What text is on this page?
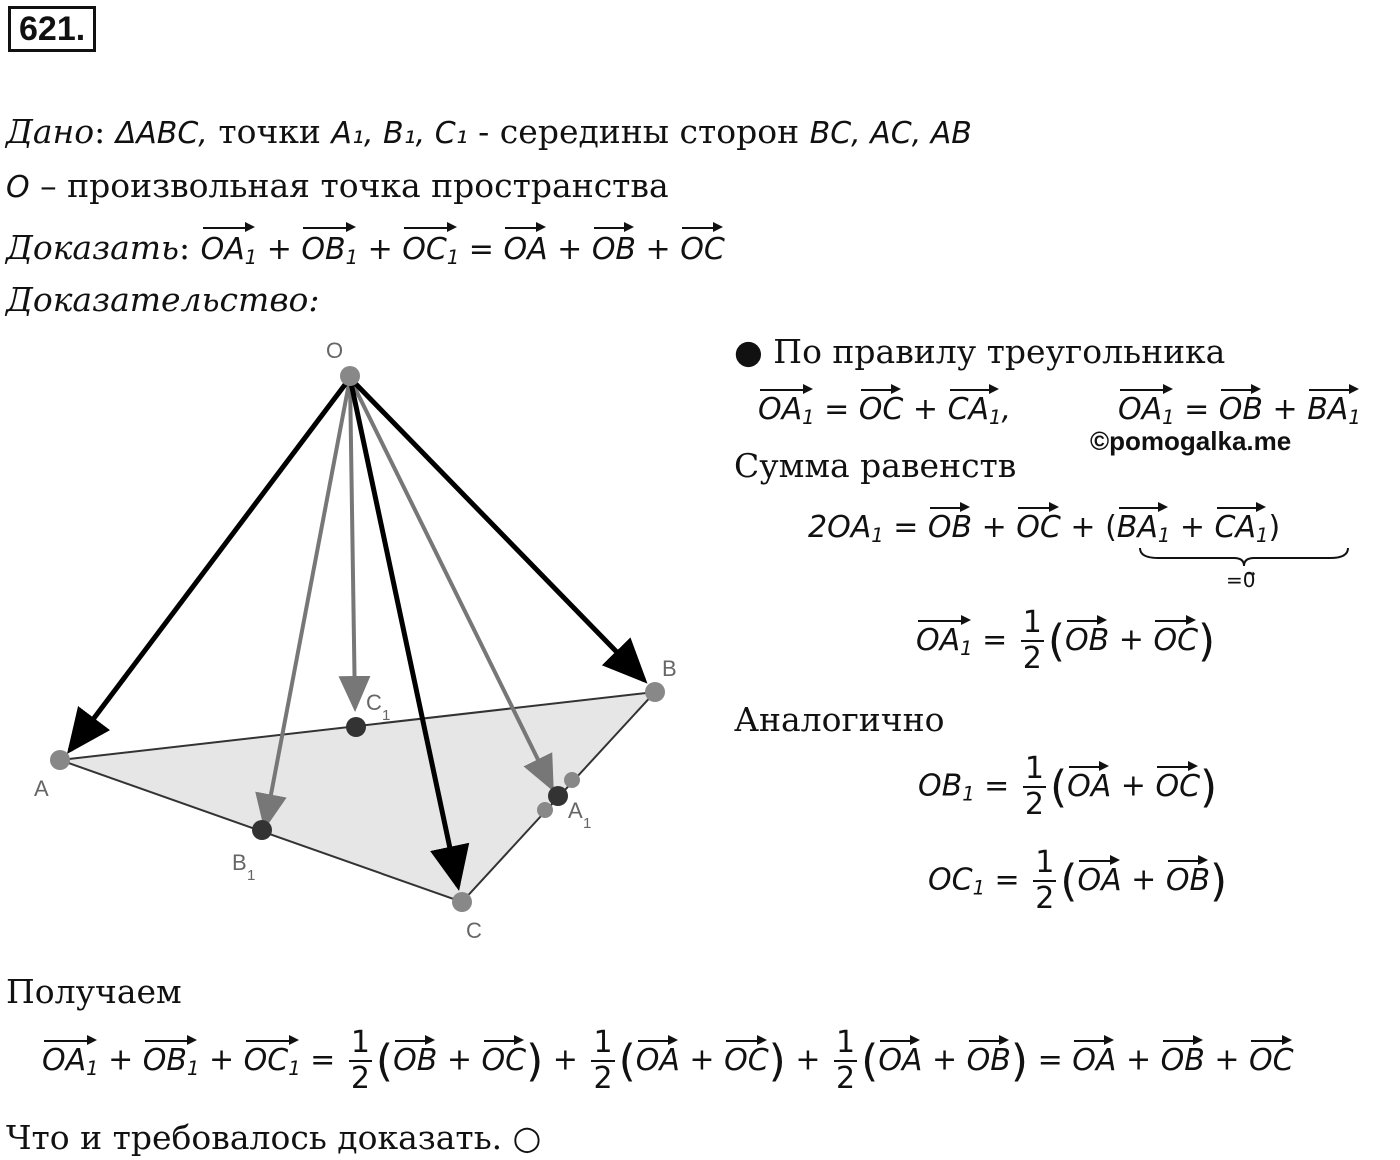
621.
Дано: ΔABC, точки A₁, B₁, C₁ - середины сторон BC, AC, AB
O – произвольная точка пространства
Доказать: $OA_1 + OB_1 + OC_1$ = OA + OB + OC
Доказательство:
O
A
B
C
B
1
C
1
A
1
● По правилу треугольника
$OA_1$ = OC + $CA_1$,	$OA_1$ = OB + $BA_1$
©pomogalka.me
Сумма равенств
$2OA_1$ = OB + OC + $(BA_1 + CA_1)$
=0⃗
$OA_1 = \frac{1}{2} (OB + OC)$
Аналогично
$OB_1 = \frac{1}{2} (OA + OC)$
$OC_1 = \frac{1}{2} (OA + OB)$
Получаем
$OA_1 + OB_1 + OC_1 = \frac{1}{2} (OB + OC) + \frac{1}{2} (OA + OC) + \frac{1}{2} (OA + OB)$ = OA + OB + OC
Что и требовалось доказать. ○
